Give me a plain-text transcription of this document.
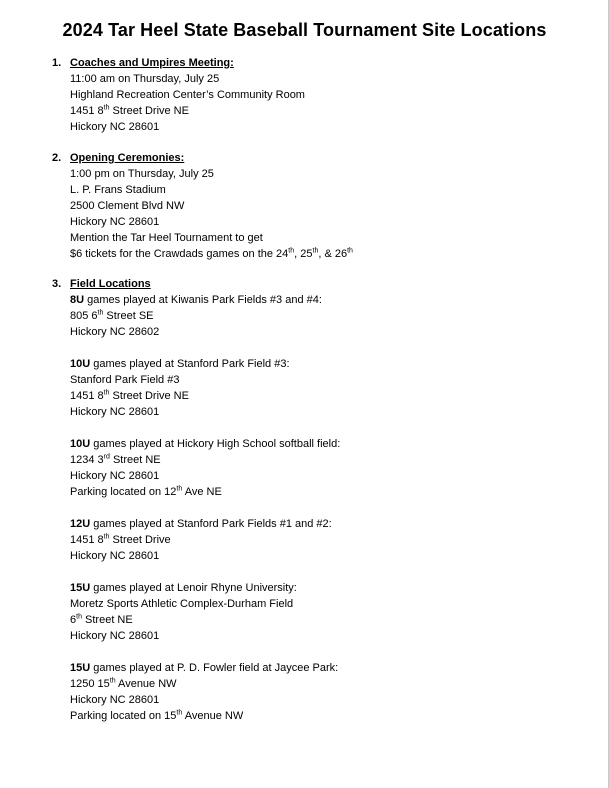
2024 Tar Heel State Baseball Tournament Site Locations
1. Coaches and Umpires Meeting:

11:00 am on Thursday, July 25

Highland Recreation Center’s Community Room

1451 8th Street Drive NE

Hickory NC 28601

2. Opening Ceremonies:

1:00 pm on Thursday, July 25

L. P. Frans Stadium

2500 Clement Blvd NW

Hickory NC 28601

Mention the Tar Heel Tournament to get

$6 tickets for the Crawdads games on the 24th, 25th, & 26th

3. Field Locations

8U games played at Kiwanis Park Fields #3 and #4:

805 6th Street SE

Hickory NC 28602

10U games played at Stanford Park Field #3:

Stanford Park Field #3

1451 8th Street Drive NE

Hickory NC 28601

10U games played at Hickory High School softball field:

1234 3rd Street NE

Hickory NC 28601

Parking located on 12th Ave NE

12U games played at Stanford Park Fields #1 and #2:

1451 8th Street Drive

Hickory NC 28601

15U games played at Lenoir Rhyne University:

Moretz Sports Athletic Complex-Durham Field

6th Street NE

Hickory NC 28601

15U games played at P. D. Fowler field at Jaycee Park:

1250 15th Avenue NW

Hickory NC 28601

Parking located on 15th Avenue NW
